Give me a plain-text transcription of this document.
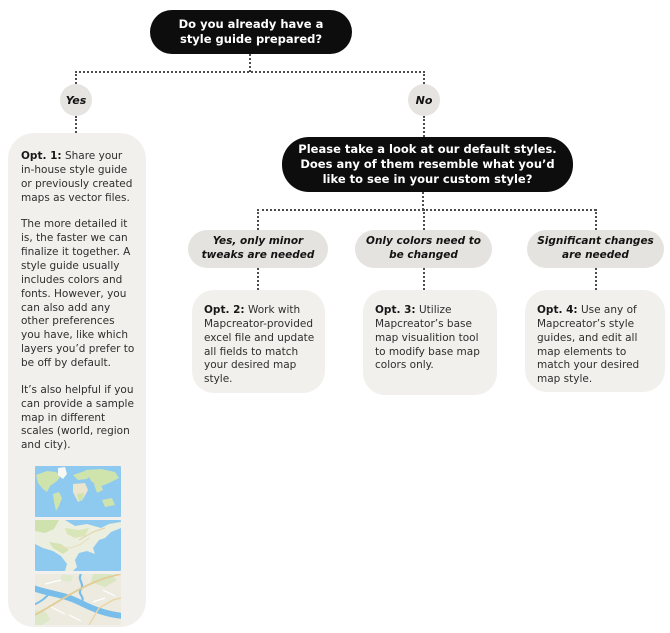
Do you already have a style guide prepared?
Yes	No

Opt. 1: Share your in-house style guide or previously created maps as vector files.

The more detailed it is, the faster we can finalize it together. A style guide usually includes colors and fonts. However, you can also add any other preferences you have, like which layers you’d prefer to be off by default.

It’s also helpful if you can provide a sample map in different scales (world, region and city).

Please take a look at our default styles. Does any of them resemble what you’d like to see in your custom style?
Yes, only minor tweaks are needed
Only colors need to be changed
Significant changes are needed

Opt. 2: Work with Mapcreator-provided excel file and update all fields to match your desired map style.

Opt. 3: Utilize Mapcreator’s base map visualition tool to modify base map colors only.

Opt. 4: Use any of Mapcreator’s style guides, and edit all map elements to match your desired map style.
